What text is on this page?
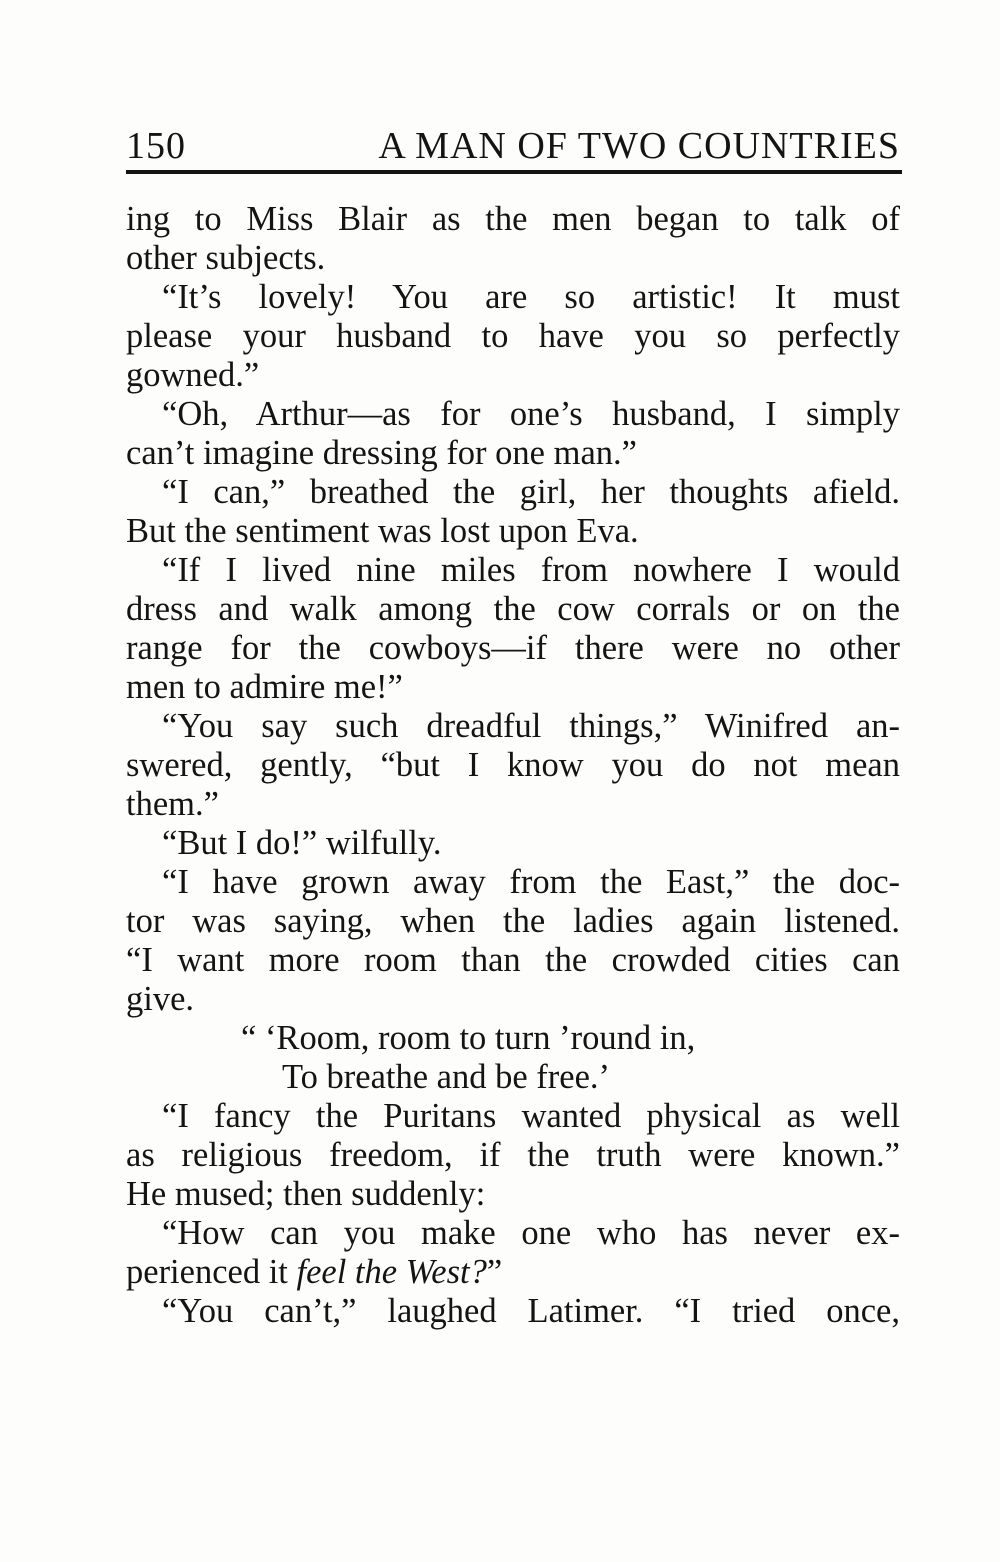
150	A MAN OF TWO COUNTRIES
ing to Miss Blair as the men began to talk of
other subjects.
“It’s lovely! You are so artistic! It must
please your husband to have you so perfectly
gowned.”
“Oh, Arthur—as for one’s husband, I simply
can’t imagine dressing for one man.”
“I can,” breathed the girl, her thoughts afield.
But the sentiment was lost upon Eva.
“If I lived nine miles from nowhere I would
dress and walk among the cow corrals or on the
range for the cowboys—if there were no other
men to admire me!”
“You say such dreadful things,” Winifred an-
swered, gently, “but I know you do not mean
them.”
“But I do!” wilfully.
“I have grown away from the East,” the doc-
tor was saying, when the ladies again listened.
“I want more room than the crowded cities can
give.
“ ‘Room, room to turn ’round in,
To breathe and be free.’
“I fancy the Puritans wanted physical as well
as religious freedom, if the truth were known.”
He mused; then suddenly:
“How can you make one who has never ex-
perienced it feel the West?”
“You can’t,” laughed Latimer. “I tried once,
